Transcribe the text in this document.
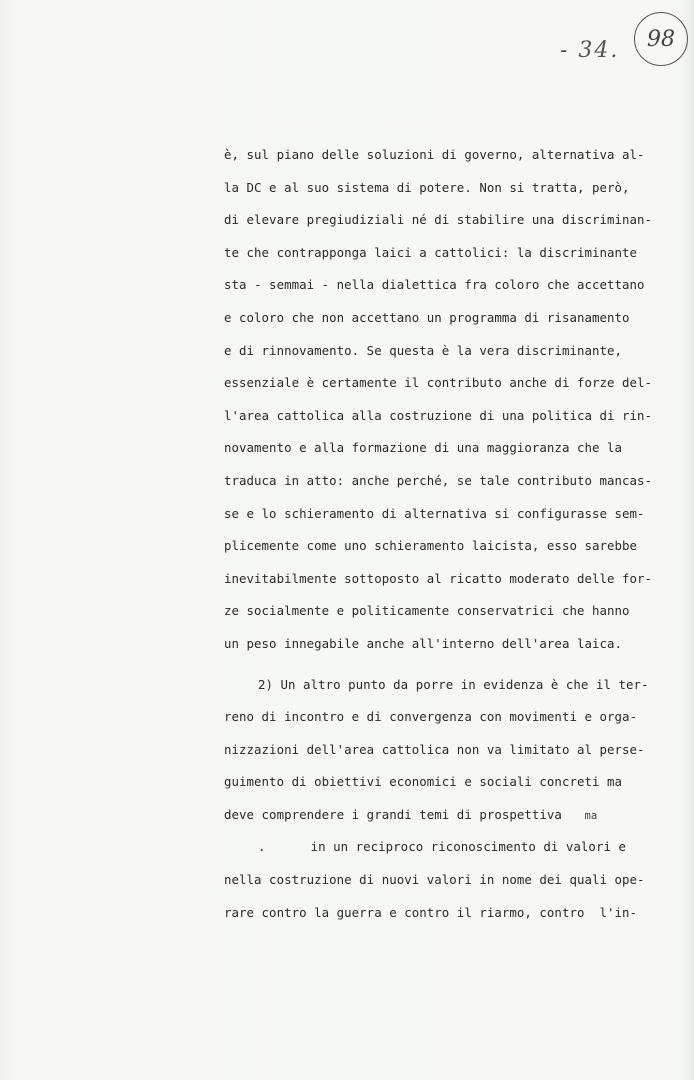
- 34.	98
è, sul piano delle soluzioni di governo, alternativa al-
la DC e al suo sistema di potere. Non si tratta, però,
di elevare pregiudiziali né di stabilire una discriminan-
te che contrapponga laici a cattolici: la discriminante
sta - semmai - nella dialettica fra coloro che accettano
e coloro che non accettano un programma di risanamento
e di rinnovamento. Se questa è la vera discriminante,
essenziale è certamente il contributo anche di forze del-
l'area cattolica alla costruzione di una politica di rin-
novamento e alla formazione di una maggioranza che la
traduca in atto: anche perché, se tale contributo mancas-
se e lo schieramento di alternativa si configurasse sem-
plicemente come uno schieramento laicista, esso sarebbe
inevitabilmente sottoposto al ricatto moderato delle for-
ze socialmente e politicamente conservatrici che hanno
un peso innegabile anche all'interno dell'area laica.
2) Un altro punto da porre in evidenza è che il ter-
reno di incontro e di convergenza con movimenti e orga-
nizzazioni dell'area cattolica non va limitato al perse-
guimento di obiettivi economici e sociali concreti ma
deve comprendere i grandi temi di prospettiva ma
.      in un reciproco riconoscimento di valori e
nella costruzione di nuovi valori in nome dei quali ope-
rare contro la guerra e contro il riarmo, contro  l'in-
